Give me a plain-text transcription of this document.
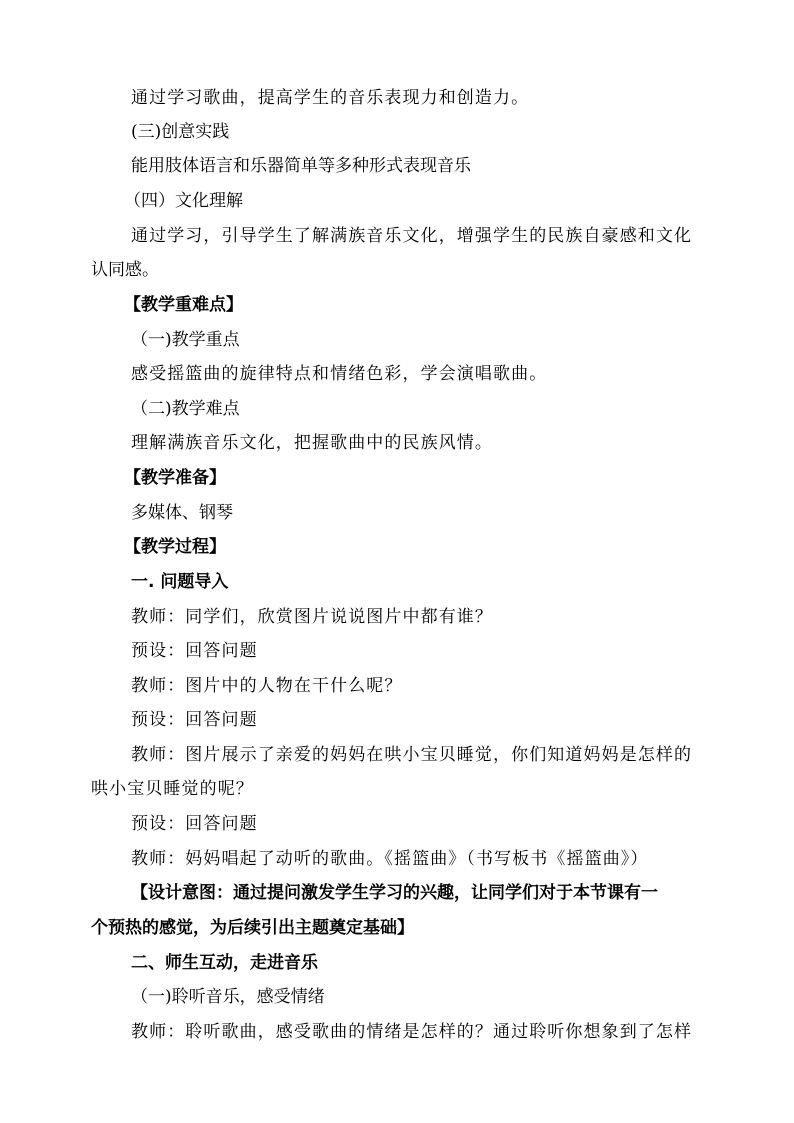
通过学习歌曲，提高学生的音乐表现力和创造力。
(三)创意实践
能用肢体语言和乐器简单等多种形式表现音乐
（四）文化理解
通过学习，引导学生了解满族音乐文化，增强学生的民族自豪感和文化
认同感。
【教学重难点】
（一)教学重点
感受摇篮曲的旋律特点和情绪色彩，学会演唱歌曲。
（二)教学难点
理解满族音乐文化，把握歌曲中的民族风情。
【教学准备】
多媒体、钢琴
【教学过程】
一. 问题导入
教师：同学们，欣赏图片说说图片中都有谁？
预设：回答问题
教师：图片中的人物在干什么呢？
预设：回答问题
教师：图片展示了亲爱的妈妈在哄小宝贝睡觉，你们知道妈妈是怎样的
哄小宝贝睡觉的呢？
预设：回答问题
教师：妈妈唱起了动听的歌曲。《摇篮曲》（书写板书《摇篮曲》）
【设计意图：通过提问激发学生学习的兴趣，让同学们对于本节课有一
个预热的感觉，为后续引出主题奠定基础】
二、师生互动，走进音乐
（一)聆听音乐，感受情绪
教师：聆听歌曲，感受歌曲的情绪是怎样的？通过聆听你想象到了怎样
